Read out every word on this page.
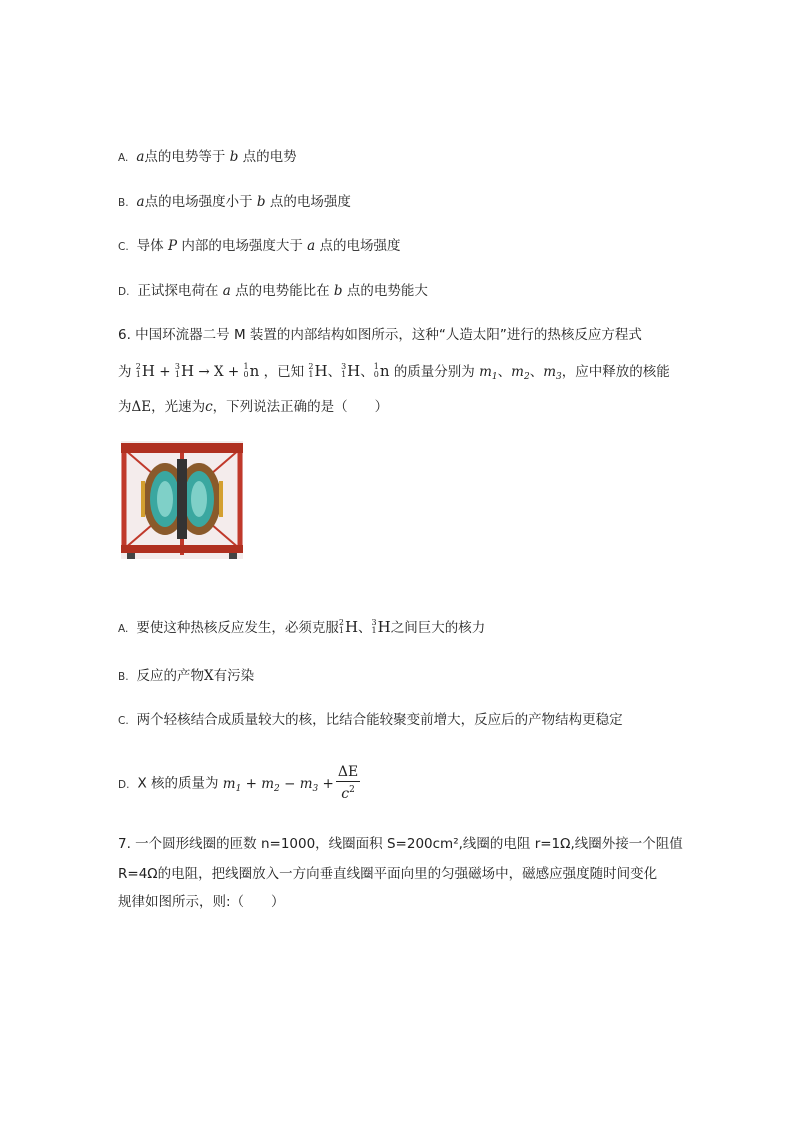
A. a点的电势等于 b 点的电势
B. a点的电场强度小于 b 点的电场强度
C. 导体 P 内部的电场强度大于 a 点的电场强度
D. 正试探电荷在 a 点的电势能比在 b 点的电势能大
6. 中国环流器二号 M 装置的内部结构如图所示，这种“人造太阳”进行的热核反应方程式
为 2
1 H + 3
1 H → X + 1
0 n ，已知 2
1 H、 3
1 H、 1
0 n 的质量分别为 $m_1$、$m_2$、$m_3$，应中释放的核能
为ΔE，光速为c，下列说法正确的是（　　）
A. 要使这种热核反应发生，必须克服 2
1 H、 3
1 H之间巨大的核力
B. 反应的产物X有污染
C. 两个轻核结合成质量较大的核，比结合能较聚变前增大，反应后的产物结构更稳定
D. X 核的质量为 $m_1 + m_2 - m_3 + \frac{\Delta E}{c^2}$
7. 一个圆形线圈的匝数 n=1000，线圈面积 S=200cm²,线圈的电阻 r=1Ω,线圈外接一个阻值
R=4Ω的电阻，把线圈放入一方向垂直线圈平面向里的匀强磁场中，磁感应强度随时间变化
规律如图所示，则:（　　）
